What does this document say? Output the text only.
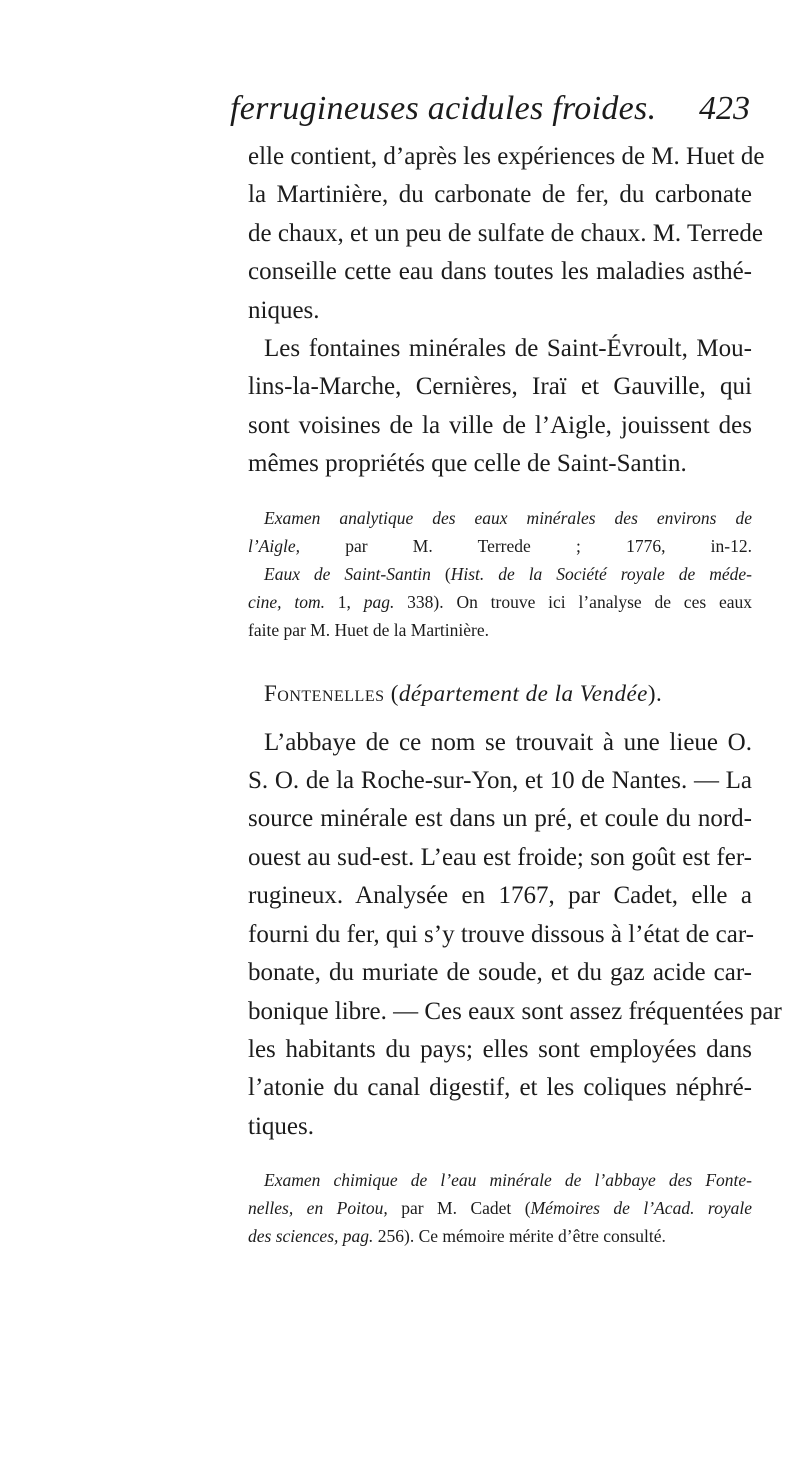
ferrugineuses acidules froides. 423
elle contient, d’après les expériences de M. Huet de
la Martinière, du carbonate de fer, du carbonate
de chaux, et un peu de sulfate de chaux. M. Terrede
conseille cette eau dans toutes les maladies asthé-
niques.
Les fontaines minérales de Saint-Évroult, Mou-
lins-la-Marche, Cernières, Iraï et Gauville, qui
sont voisines de la ville de l’Aigle, jouissent des
mêmes propriétés que celle de Saint-Santin.
Examen analytique des eaux minérales des environs de
l’Aigle, par M. Terrede ; 1776, in-12.
Eaux de Saint-Santin (Hist. de la Société royale de méde-
cine, tom. 1, pag. 338). On trouve ici l’analyse de ces eaux
faite par M. Huet de la Martinière.
Fontenelles (département de la Vendée).
L’abbaye de ce nom se trouvait à une lieue O.
S. O. de la Roche-sur-Yon, et 10 de Nantes. — La
source minérale est dans un pré, et coule du nord-
ouest au sud-est. L’eau est froide; son goût est fer-
rugineux. Analysée en 1767, par Cadet, elle a
fourni du fer, qui s’y trouve dissous à l’état de car-
bonate, du muriate de soude, et du gaz acide car-
bonique libre. — Ces eaux sont assez fréquentées par
les habitants du pays; elles sont employées dans
l’atonie du canal digestif, et les coliques néphré-
tiques.
Examen chimique de l’eau minérale de l’abbaye des Fonte-
nelles, en Poitou, par M. Cadet (Mémoires de l’Acad. royale
des sciences, pag. 256). Ce mémoire mérite d’être consulté.
